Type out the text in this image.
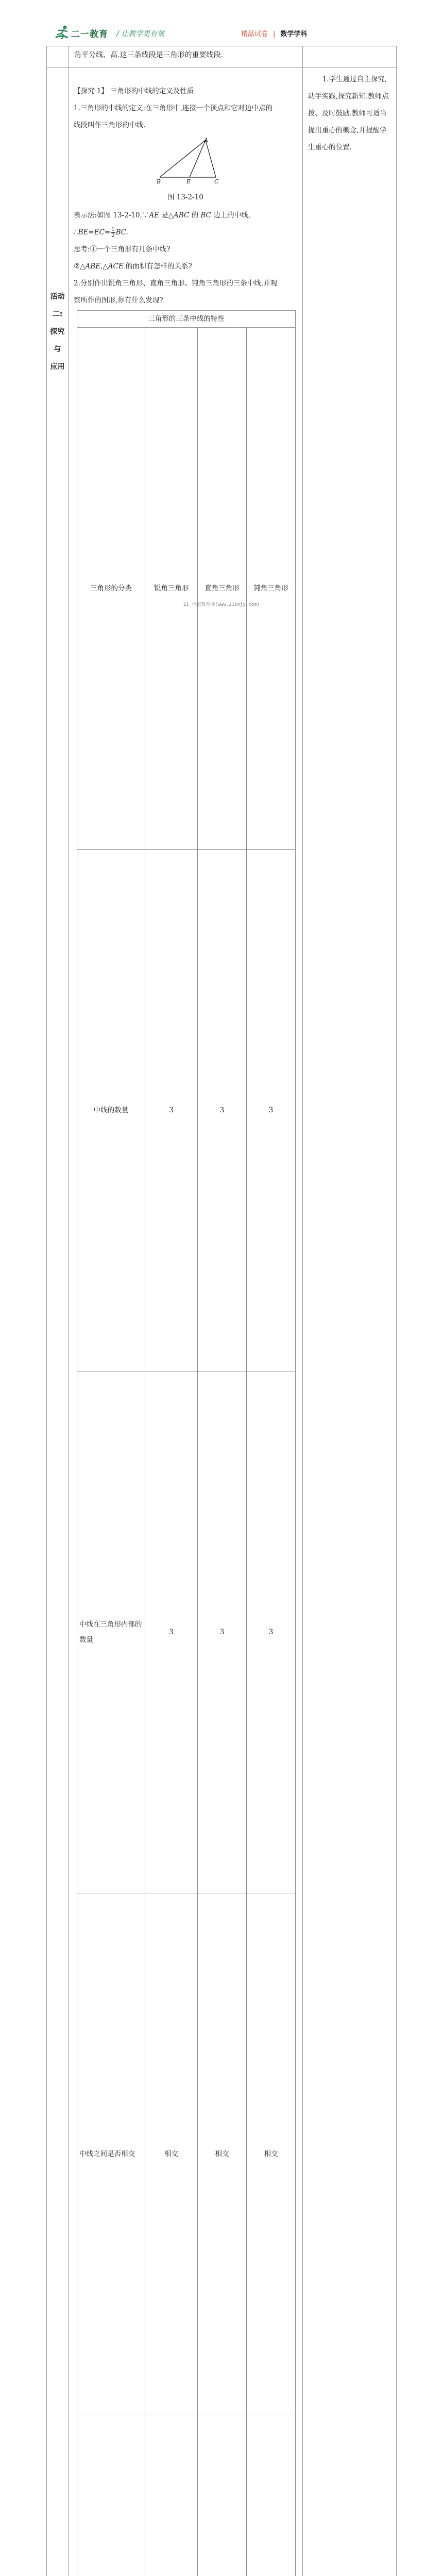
二一教育 / 让教学更有效	精品试卷 | 数学学科
	角平分线、高.这三条线段是三角形的重要线段.	

活动
二:
探究
与
应用

【探究 1】 三角形的中线的定义及性质

1.三角形的中线的定义:在三角形中,连接一个顶点和它对边中点的
线段叫作三角形的中线.

A
B	E	C
图 13-2-10

表示法:如图 13-2-10,∵AE 是△ABC 的 BC 边上的中线,

∴BE=EC= $\frac{1}{2}$ BC.

思考:①一个三角形有几条中线?

②△ABE,△ACE 的面积有怎样的关系?

2.分别作出锐角三角形、直角三角形、钝角三角形的三条中线,并观
察所作的图形,你有什么发现?

三角形的三条中线的特性
三角形的分类	锐角三角形	直角三角形	钝角三角形
中线的数量	3	3	3
中线在三角形内部的数量	3	3	3
中线之间是否相交	相交	相交	相交

1.学生通过自主探究,动手实践,探究新知.教师点拨、及时鼓励.教师可适当提出重心的概念,并提醒学生重心的位置.
21 世纪教育网(www.21cnjy.com)
